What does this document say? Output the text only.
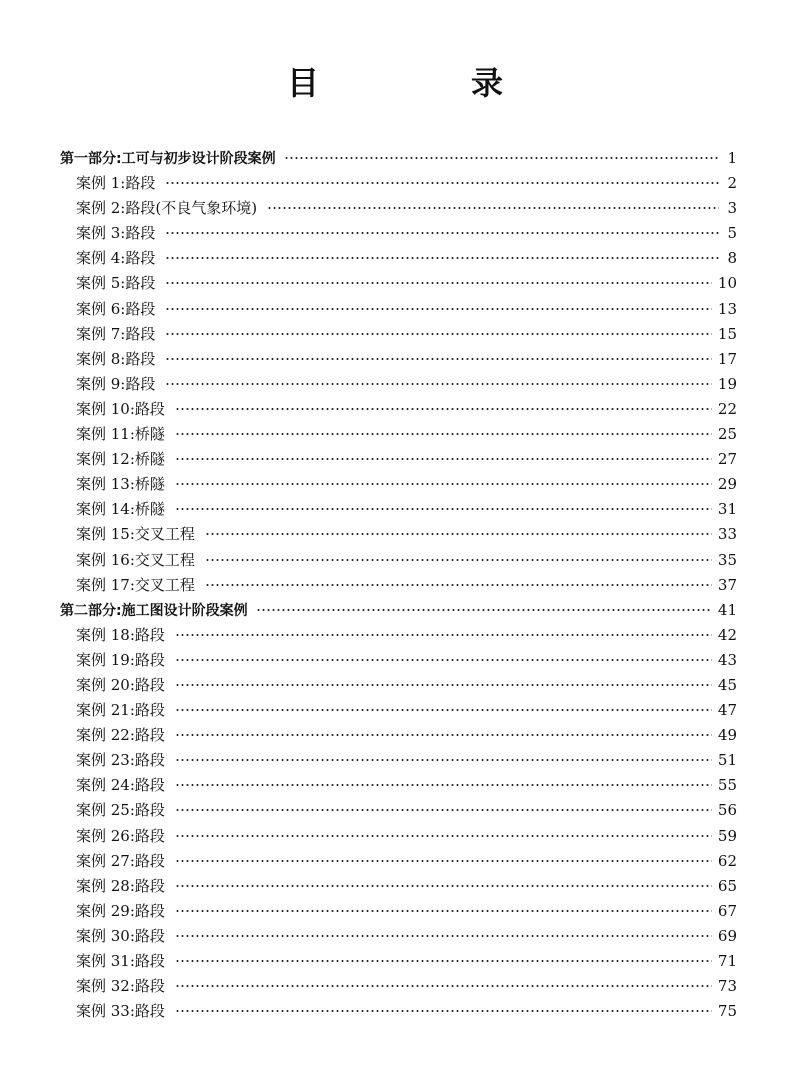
目　录
第一部分:工可与初步设计阶段案例	1
案例 1:路段	2
案例 2:路段(不良气象环境)	3
案例 3:路段	5
案例 4:路段	8
案例 5:路段	10
案例 6:路段	13
案例 7:路段	15
案例 8:路段	17
案例 9:路段	19
案例 10:路段	22
案例 11:桥隧	25
案例 12:桥隧	27
案例 13:桥隧	29
案例 14:桥隧	31
案例 15:交叉工程	33
案例 16:交叉工程	35
案例 17:交叉工程	37
第二部分:施工图设计阶段案例	41
案例 18:路段	42
案例 19:路段	43
案例 20:路段	45
案例 21:路段	47
案例 22:路段	49
案例 23:路段	51
案例 24:路段	55
案例 25:路段	56
案例 26:路段	59
案例 27:路段	62
案例 28:路段	65
案例 29:路段	67
案例 30:路段	69
案例 31:路段	71
案例 32:路段	73
案例 33:路段	75
